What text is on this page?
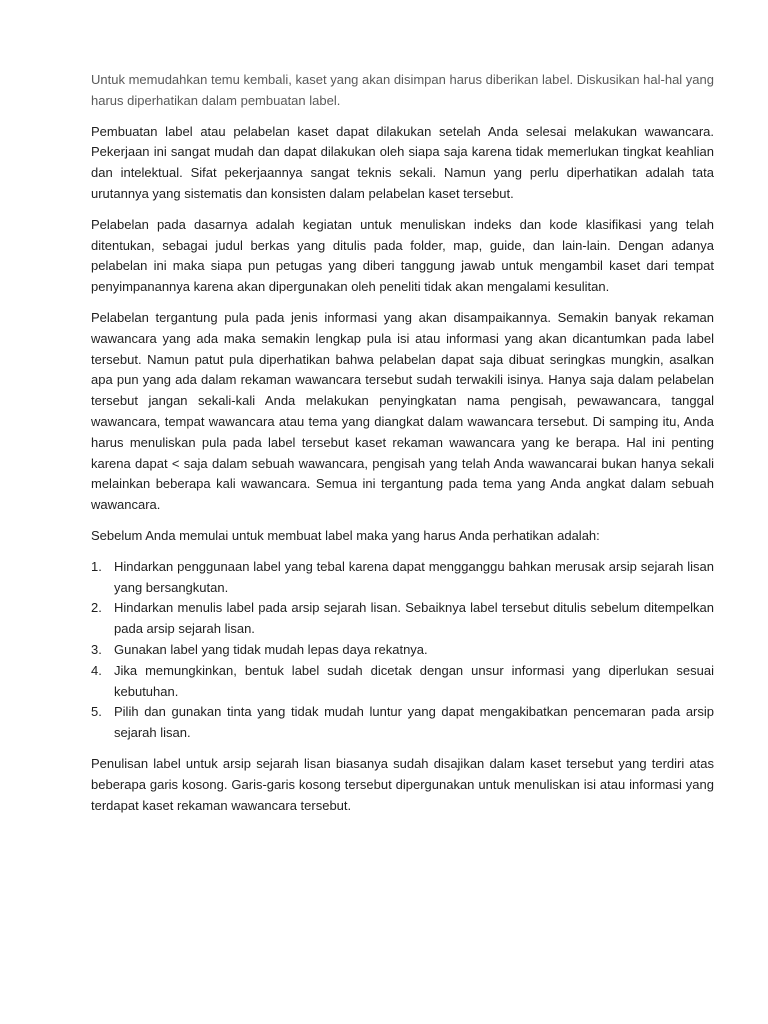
Untuk memudahkan temu kembali, kaset yang akan disimpan harus diberikan label. Diskusikan hal-hal yang harus diperhatikan dalam pembuatan label.

Pembuatan label atau pelabelan kaset dapat dilakukan setelah Anda selesai melakukan wawancara. Pekerjaan ini sangat mudah dan dapat dilakukan oleh siapa saja karena tidak memerlukan tingkat keahlian dan intelektual. Sifat pekerjaannya sangat teknis sekali. Namun yang perlu diperhatikan adalah tata urutannya yang sistematis dan konsisten dalam pelabelan kaset tersebut.

Pelabelan pada dasarnya adalah kegiatan untuk menuliskan indeks dan kode klasifikasi yang telah ditentukan, sebagai judul berkas yang ditulis pada folder, map, guide, dan lain-lain. Dengan adanya pelabelan ini maka siapa pun petugas yang diberi tanggung jawab untuk mengambil kaset dari tempat penyimpanannya karena akan dipergunakan oleh peneliti tidak akan mengalami kesulitan.

Pelabelan tergantung pula pada jenis informasi yang akan disampaikannya. Semakin banyak rekaman wawancara yang ada maka semakin lengkap pula isi atau informasi yang akan dicantumkan pada label tersebut. Namun patut pula diperhatikan bahwa pelabelan dapat saja dibuat seringkas mungkin, asalkan apa pun yang ada dalam rekaman wawancara tersebut sudah terwakili isinya. Hanya saja dalam pelabelan tersebut jangan sekali-kali Anda melakukan penyingkatan nama pengisah, pewawancara, tanggal wawancara, tempat wawancara atau tema yang diangkat dalam wawancara tersebut. Di samping itu, Anda harus menuliskan pula pada label tersebut kaset rekaman wawancara yang ke berapa. Hal ini penting karena dapat < saja dalam sebuah wawancara, pengisah yang telah Anda wawancarai bukan hanya sekali melainkan beberapa kali wawancara. Semua ini tergantung pada tema yang Anda angkat dalam sebuah wawancara.

Sebelum Anda memulai untuk membuat label maka yang harus Anda perhatikan adalah:

1. Hindarkan penggunaan label yang tebal karena dapat mengganggu bahkan merusak arsip sejarah lisan yang bersangkutan.
2. Hindarkan menulis label pada arsip sejarah lisan. Sebaiknya label tersebut ditulis sebelum ditempelkan pada arsip sejarah lisan.
3. Gunakan label yang tidak mudah lepas daya rekatnya.
4. Jika memungkinkan, bentuk label sudah dicetak dengan unsur informasi yang diperlukan sesuai kebutuhan.
5. Pilih dan gunakan tinta yang tidak mudah luntur yang dapat mengakibatkan pencemaran pada arsip sejarah lisan.

Penulisan label untuk arsip sejarah lisan biasanya sudah disajikan dalam kaset tersebut yang terdiri atas beberapa garis kosong. Garis-garis kosong tersebut dipergunakan untuk menuliskan isi atau informasi yang terdapat kaset rekaman wawancara tersebut.
